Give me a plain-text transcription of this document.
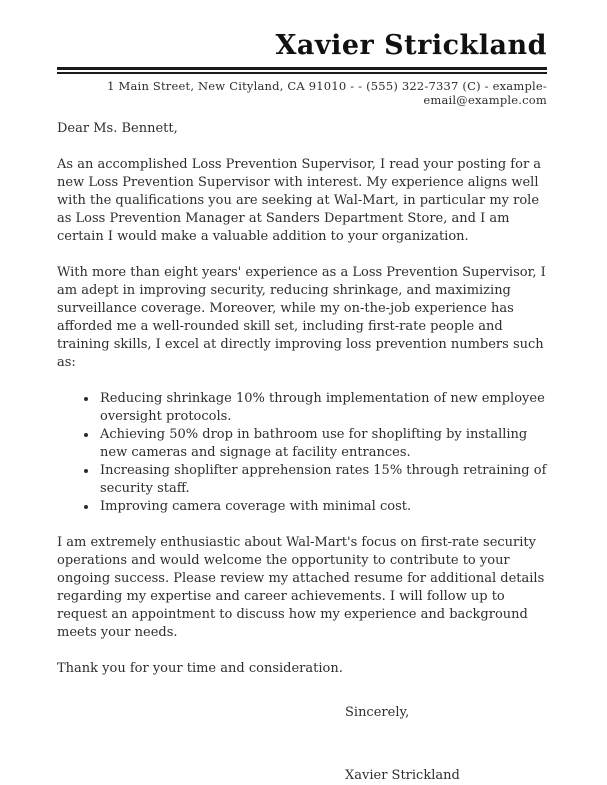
Xavier Strickland
1 Main Street, New Cityland, CA 91010 - - (555) 322-7337 (C) - example-email@example.com

Dear Ms. Bennett,

As an accomplished Loss Prevention Supervisor, I read your posting for a new Loss Prevention Supervisor with interest. My experience aligns well with the qualifications you are seeking at Wal-Mart, in particular my role as Loss Prevention Manager at Sanders Department Store, and I am certain I would make a valuable addition to your organization.

With more than eight years' experience as a Loss Prevention Supervisor, I am adept in improving security, reducing shrinkage, and maximizing surveillance coverage. Moreover, while my on-the-job experience has afforded me a well-rounded skill set, including first-rate people and training skills, I excel at directly improving loss prevention numbers such as:

• Reducing shrinkage 10% through implementation of new employee oversight protocols.
• Achieving 50% drop in bathroom use for shoplifting by installing new cameras and signage at facility entrances.
• Increasing shoplifter apprehension rates 15% through retraining of security staff.
• Improving camera coverage with minimal cost.

I am extremely enthusiastic about Wal-Mart's focus on first-rate security operations and would welcome the opportunity to contribute to your ongoing success. Please review my attached resume for additional details regarding my expertise and career achievements. I will follow up to request an appointment to discuss how my experience and background meets your needs.

Thank you for your time and consideration.

Sincerely,

Xavier Strickland
